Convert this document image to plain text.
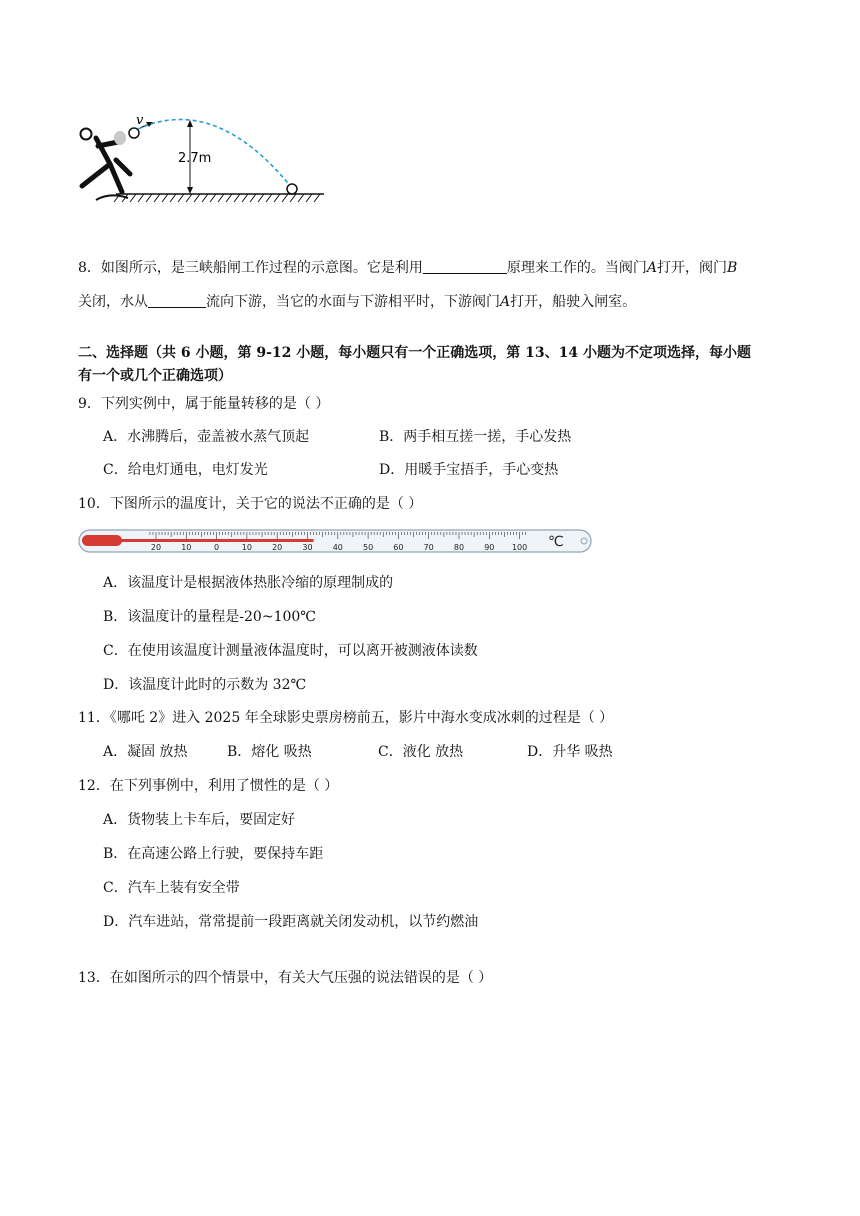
v
2.7m
8．如图所示，是三峡船闸工作过程的示意图。它是利用	原理来工作的。当阀门A打开，阀门B
关闭，水从	流向下游，当它的水面与下游相平时，下游阀门A打开，船驶入闸室。
二、选择题（共 6 小题，第 9-12 小题，每小题只有一个正确选项，第 13、14 小题为不定项选择，每小题
有一个或几个正确选项）
9．下列实例中，属于能量转移的是（ ）
A．水沸腾后，壶盖被水蒸气顶起	B．两手相互搓一搓，手心发热
C．给电灯通电，电灯发光	D．用暖手宝捂手，手心变热
10．下图所示的温度计，关于它的说法不正确的是（ ）
20	10	0	10	20	30	40	50	60	70	80	90 100 ℃
A．该温度计是根据液体热胀冷缩的原理制成的
B．该温度计的量程是-20~100℃
C．在使用该温度计测量液体温度时，可以离开被测液体读数
D．该温度计此时的示数为 32℃
11．《哪吒 2》进入 2025 年全球影史票房榜前五，影片中海水变成冰刺的过程是（ ）
A．凝固 放热	B．熔化 吸热	C．液化 放热	D．升华 吸热
12．在下列事例中，利用了惯性的是（ ）
A．货物装上卡车后，要固定好
B．在高速公路上行驶，要保持车距
C．汽车上装有安全带
D．汽车进站，常常提前一段距离就关闭发动机，以节约燃油
13．在如图所示的四个情景中，有关大气压强的说法错误的是（ ）
